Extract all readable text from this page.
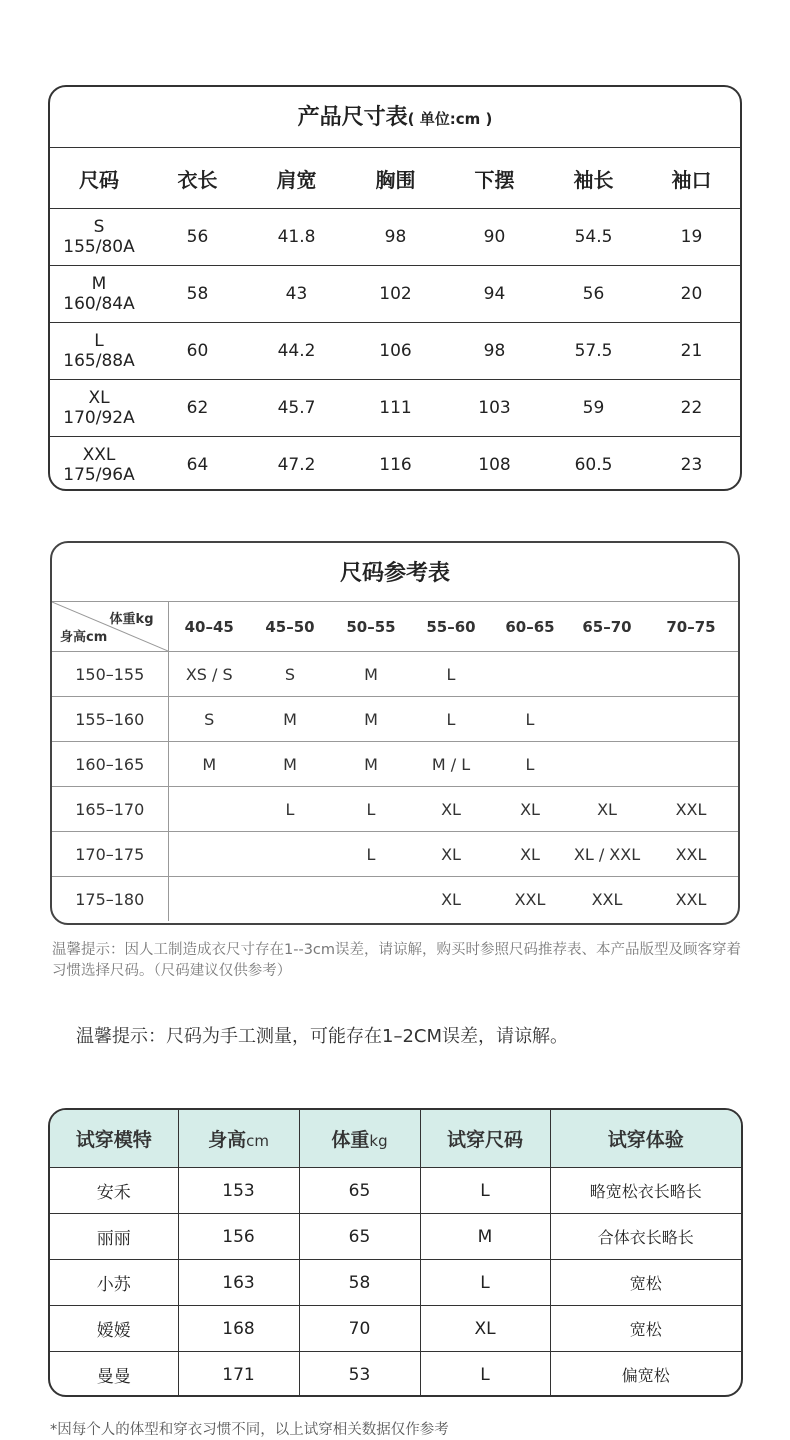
产品尺寸表( 单位:cm )
尺码	衣长	肩宽	胸围	下摆	袖长	袖口

S
155/80A	56	41.8	98	90	54.5	19

M
160/84A	58	43	102	94	56	20

L
165/88A	60	44.2	106	98	57.5	21

XL
170/92A	62	45.7	111	103	59	22

XXL
175/96A	64	47.2	116	108	60.5	23
尺码参考表
体重kg
身高cm	40–45	45–50	50–55	55–60	60–65	65–70	70–75
150–155	XS / S	S	M	L			
155–160	S	M	M	L	L		
160–165	M	M	M	M / L	L		
165–170		L	L	XL	XL	XL	XXL
170–175			L	XL	XL	XL / XXL	XXL
175–180				XL	XXL	XXL	XXL
温馨提示：因人工制造成衣尺寸存在1--3cm误差，请谅解，购买时参照尺码推荐表、本产品版型及顾客穿着习惯选择尺码。（尺码建议仅供参考）
温馨提示：尺码为手工测量，可能存在1–2CM误差，请谅解。
试穿模特	身高cm	体重kg	试穿尺码	试穿体验
安禾	153	65	L	略宽松衣长略长
丽丽	156	65	M	合体衣长略长
小苏	163	58	L	宽松
嫒嫒	168	70	XL	宽松
曼曼	171	53	L	偏宽松
*因每个人的体型和穿衣习惯不同，以上试穿相关数据仅作参考
